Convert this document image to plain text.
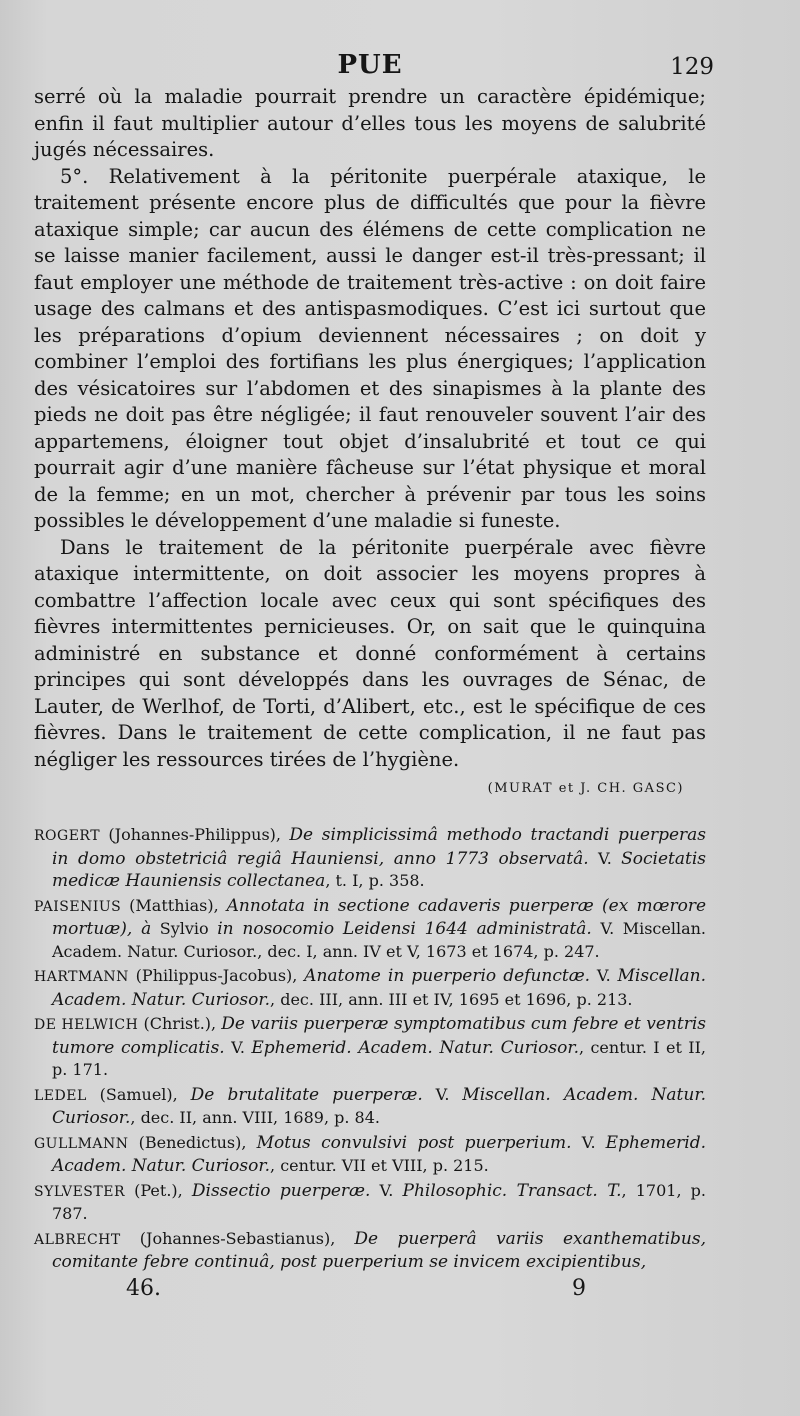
PUE	129

serré où la maladie pourrait prendre un caractère épidémique; enfin il faut multiplier autour d’elles tous les moyens de salubrité jugés nécessaires.

5°. Relativement à la péritonite puerpérale ataxique, le traitement présente encore plus de difficultés que pour la fièvre ataxique simple; car aucun des élémens de cette complication ne se laisse manier facilement, aussi le danger est-il très-pressant; il faut employer une méthode de traitement très-active : on doit faire usage des calmans et des antispasmodiques. C’est ici surtout que les préparations d’opium deviennent nécessaires ; on doit y combiner l’emploi des fortifians les plus énergiques; l’application des vésicatoires sur l’abdomen et des sinapismes à la plante des pieds ne doit pas être négligée; il faut renouveler souvent l’air des appartemens, éloigner tout objet d’insalubrité et tout ce qui pourrait agir d’une manière fâcheuse sur l’état physique et moral de la femme; en un mot, chercher à prévenir par tous les soins possibles le développement d’une maladie si funeste.

Dans le traitement de la péritonite puerpérale avec fièvre ataxique intermittente, on doit associer les moyens propres à combattre l’affection locale avec ceux qui sont spécifiques des fièvres intermittentes pernicieuses. Or, on sait que le quinquina administré en substance et donné conformément à certains principes qui sont développés dans les ouvrages de Sénac, de Lauter, de Werlhof, de Torti, d’Alibert, etc., est le spécifique de ces fièvres. Dans le traitement de cette complication, il ne faut pas négliger les ressources tirées de l’hygiène.

(MURAT et J. CH. GASC)
ROGERT (Johannes-Philippus), De simplicissimâ methodo tractandi puerperas in domo obstetriciâ regiâ Hauniensi, anno 1773 observatâ. V. Societatis medicæ Hauniensis collectanea, t. I, p. 358.
PAISENIUS (Matthias), Annotata in sectione cadaveris puerperæ (ex mœrore mortuæ), à Sylvio in nosocomio Leidensi 1644 administratâ. V. Miscellan. Academ. Natur. Curiosor., dec. I, ann. IV et V, 1673 et 1674, p. 247.
HARTMANN (Philippus-Jacobus), Anatome in puerperio defunctæ. V. Miscellan. Academ. Natur. Curiosor., dec. III, ann. III et IV, 1695 et 1696, p. 213.
DE HELWICH (Christ.), De variis puerperæ symptomatibus cum febre et ventris tumore complicatis. V. Ephemerid. Academ. Natur. Curiosor., centur. I et II, p. 171.
LEDEL (Samuel), De brutalitate puerperæ. V. Miscellan. Academ. Natur. Curiosor., dec. II, ann. VIII, 1689, p. 84.
GULLMANN (Benedictus), Motus convulsivi post puerperium. V. Ephemerid. Academ. Natur. Curiosor., centur. VII et VIII, p. 215.
SYLVESTER (Pet.), Dissectio puerperæ. V. Philosophic. Transact. T., 1701, p. 787.
ALBRECHT (Johannes-Sebastianus), De puerperâ variis exanthematibus, comitante febre continuâ, post puerperium se invicem excipientibus,
46.	9
